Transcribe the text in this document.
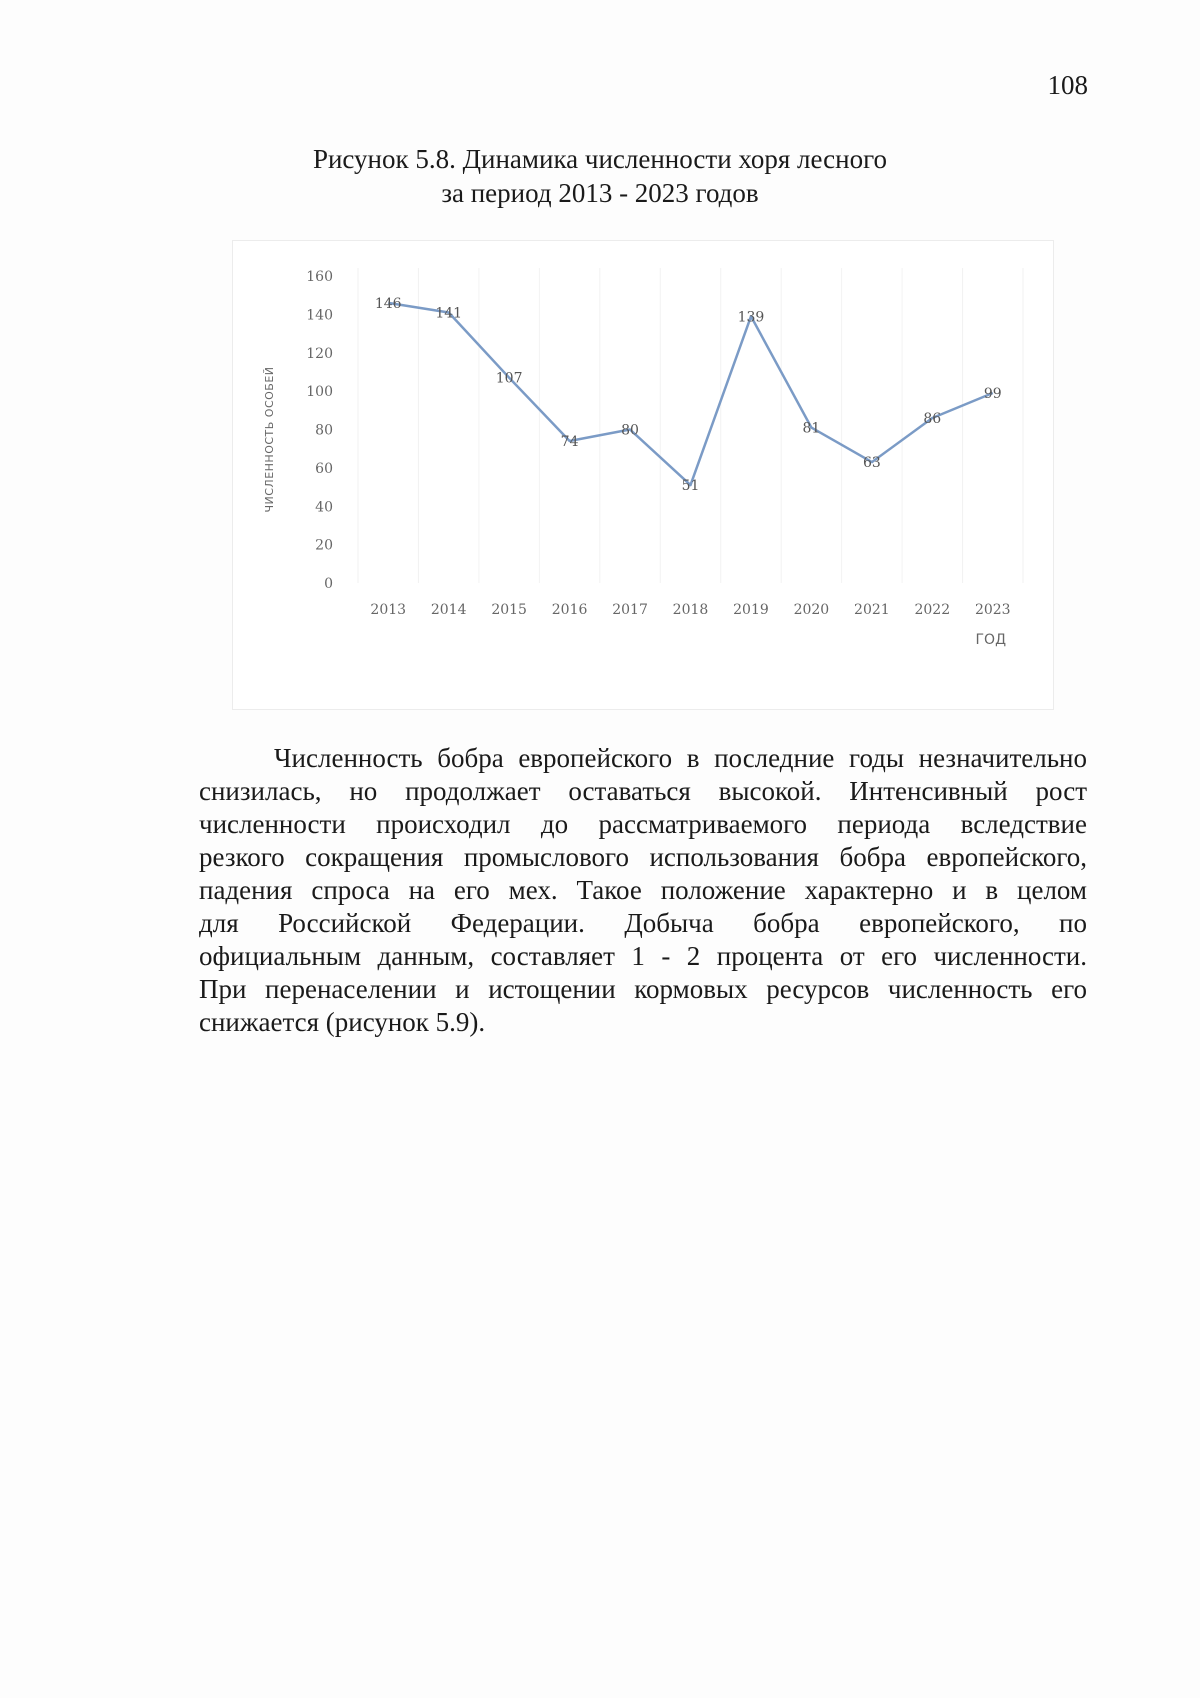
108
Рисунок 5.8. Динамика численности хоря лесного
за период 2013 - 2023 годов
0
20
40
60
80
100
120
140
160
2013 2014 2015 2016 2017 2018 2019 2020 2021 2022 2023
146
141
107
74
80
51
139
81
63
86
99
ЧИСЛЕННОСТЬ ОСОБЕЙ
ГОД
Численность бобра европейского в последние годы незначительно
снизилась, но продолжает оставаться высокой. Интенсивный рост
численности происходил до рассматриваемого периода вследствие
резкого сокращения промыслового использования бобра европейского,
падения спроса на его мех. Такое положение характерно и в целом
для Российской Федерации. Добыча бобра европейского, по
официальным данным, составляет 1 - 2 процента от его численности.
При перенаселении и истощении кормовых ресурсов численность его
снижается (рисунок 5.9).
